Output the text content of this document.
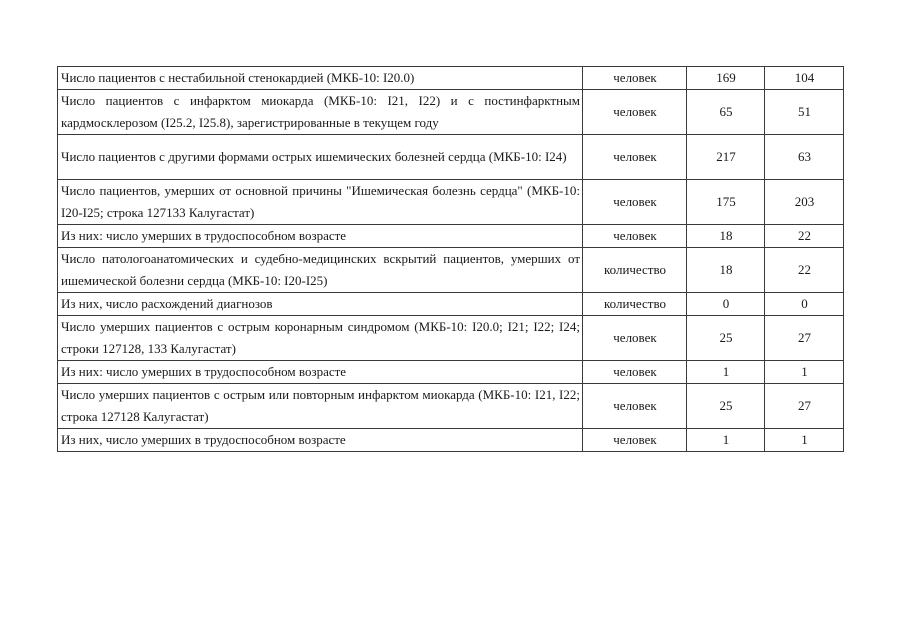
Число пациентов с нестабильной стенокардией (МКБ-10: I20.0)	человек	169	104
Число пациентов с инфарктом миокарда (МКБ-10: I21, I22) и с постинфарктным кардмосклерозом (I25.2, I25.8), зарегистрированные в текущем году	человек	65	51
Число пациентов с другими формами острых ишемических болезней сердца (МКБ-10: I24)	человек	217	63
Число пациентов, умерших от основной причины "Ишемическая болезнь сердца" (МКБ-10: I20-I25; строка 127133 Калугастат)	человек	175	203
Из них: число умерших в трудоспособном возрасте	человек	18	22
Число патологоанатомических и судебно-медицинских вскрытий пациентов, умерших от ишемической болезни сердца (МКБ-10: I20-I25)	количество	18	22
Из них, число расхождений диагнозов	количество	0	0
Число умерших пациентов с острым коронарным синдромом (МКБ-10: I20.0; I21; I22; I24; строки 127128, 133 Калугастат)	человек	25	27
Из них: число умерших в трудоспособном возрасте	человек	1	1
Число умерших пациентов с острым или повторным инфарктом миокарда (МКБ-10: I21, I22; строка 127128 Калугастат)	человек	25	27
Из них, число умерших в трудоспособном возрасте	человек	1	1
